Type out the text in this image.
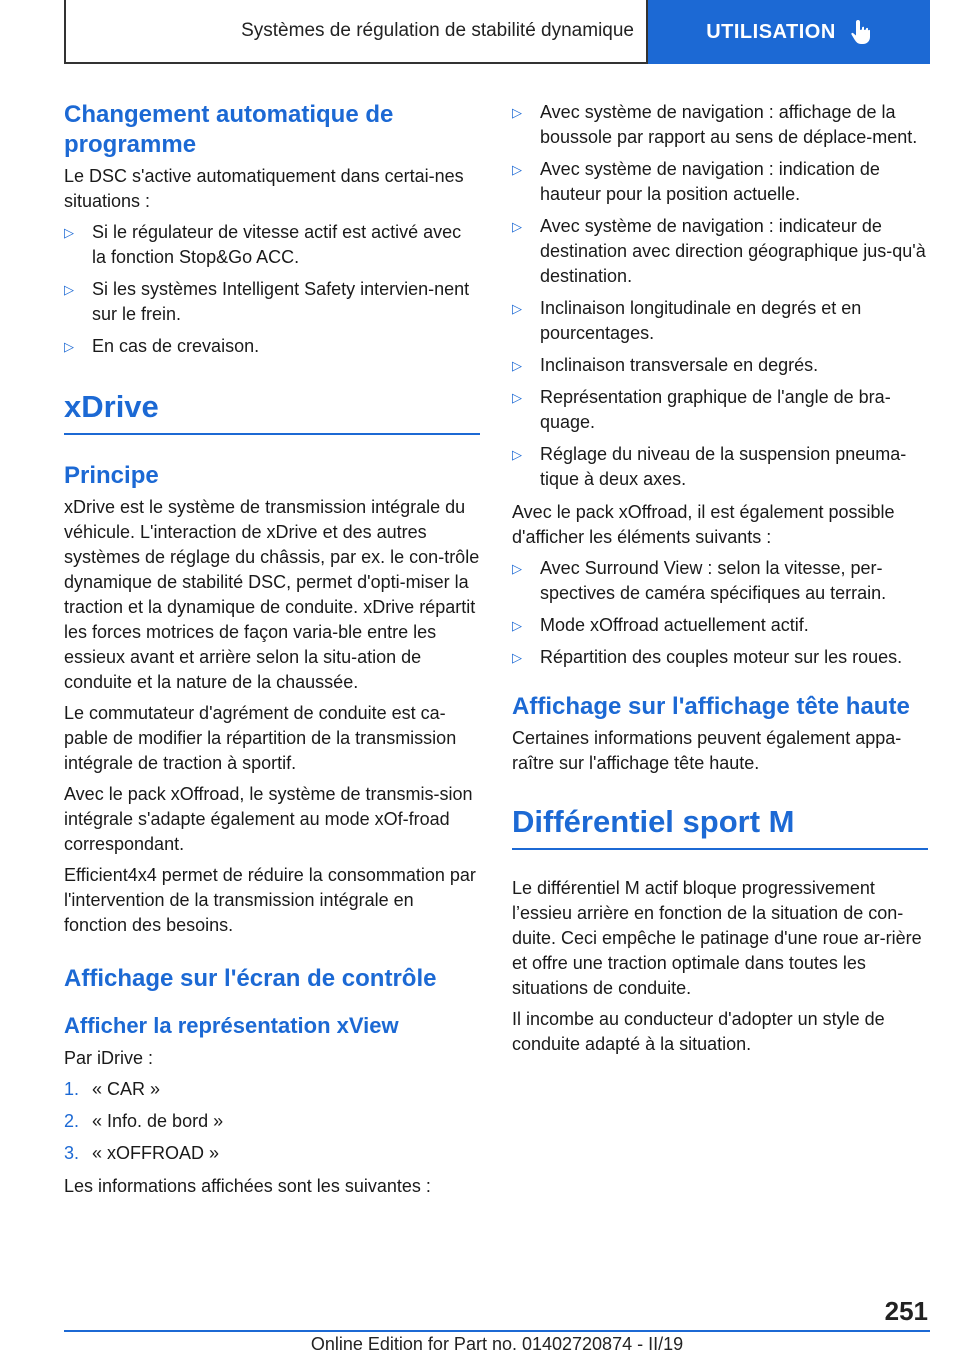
Systèmes de régulation de stabilité dynamique	UTILISATION
Changement automatique de programme

Le DSC s'active automatiquement dans certai-nes situations :

▷ Si le régulateur de vitesse actif est activé avec la fonction Stop&Go ACC.
▷ Si les systèmes Intelligent Safety intervien-nent sur le frein.
▷ En cas de crevaison.
xDrive
Principe

xDrive est le système de transmission intégrale du véhicule. L'interaction de xDrive et des autres systèmes de réglage du châssis, par ex. le con-trôle dynamique de stabilité DSC, permet d'opti-miser la traction et la dynamique de conduite. xDrive répartit les forces motrices de façon varia-ble entre les essieux avant et arrière selon la situ-ation de conduite et la nature de la chaussée.

Le commutateur d'agrément de conduite est ca-pable de modifier la répartition de la transmission intégrale de traction à sportif.

Avec le pack xOffroad, le système de transmis-sion intégrale s'adapte également au mode xOf-froad correspondant.

Efficient4x4 permet de réduire la consommation par l'intervention de la transmission intégrale en fonction des besoins.

Affichage sur l'écran de contrôle
Afficher la représentation xView

Par iDrive :

1. « CAR »
2. « Info. de bord »
3. « xOFFROAD »

Les informations affichées sont les suivantes :

▷ Avec système de navigation : affichage de la boussole par rapport au sens de déplace-ment.
▷ Avec système de navigation : indication de hauteur pour la position actuelle.
▷ Avec système de navigation : indicateur de destination avec direction géographique jus-qu'à destination.
▷ Inclinaison longitudinale en degrés et en pourcentages.
▷ Inclinaison transversale en degrés.
▷ Représentation graphique de l'angle de bra-quage.
▷ Réglage du niveau de la suspension pneuma-tique à deux axes.

Avec le pack xOffroad, il est également possible d'afficher les éléments suivants :

▷ Avec Surround View : selon la vitesse, per-spectives de caméra spécifiques au terrain.
▷ Mode xOffroad actuellement actif.
▷ Répartition des couples moteur sur les roues.
Affichage sur l'affichage tête haute

Certaines informations peuvent également appa-raître sur l'affichage tête haute.

Différentiel sport M

Le différentiel M actif bloque progressivement l’essieu arrière en fonction de la situation de con-duite. Ceci empêche le patinage d'une roue ar-rière et offre une traction optimale dans toutes les situations de conduite.

Il incombe au conducteur d'adopter un style de conduite adapté à la situation.

251
Online Edition for Part no. 01402720874 - II/19
